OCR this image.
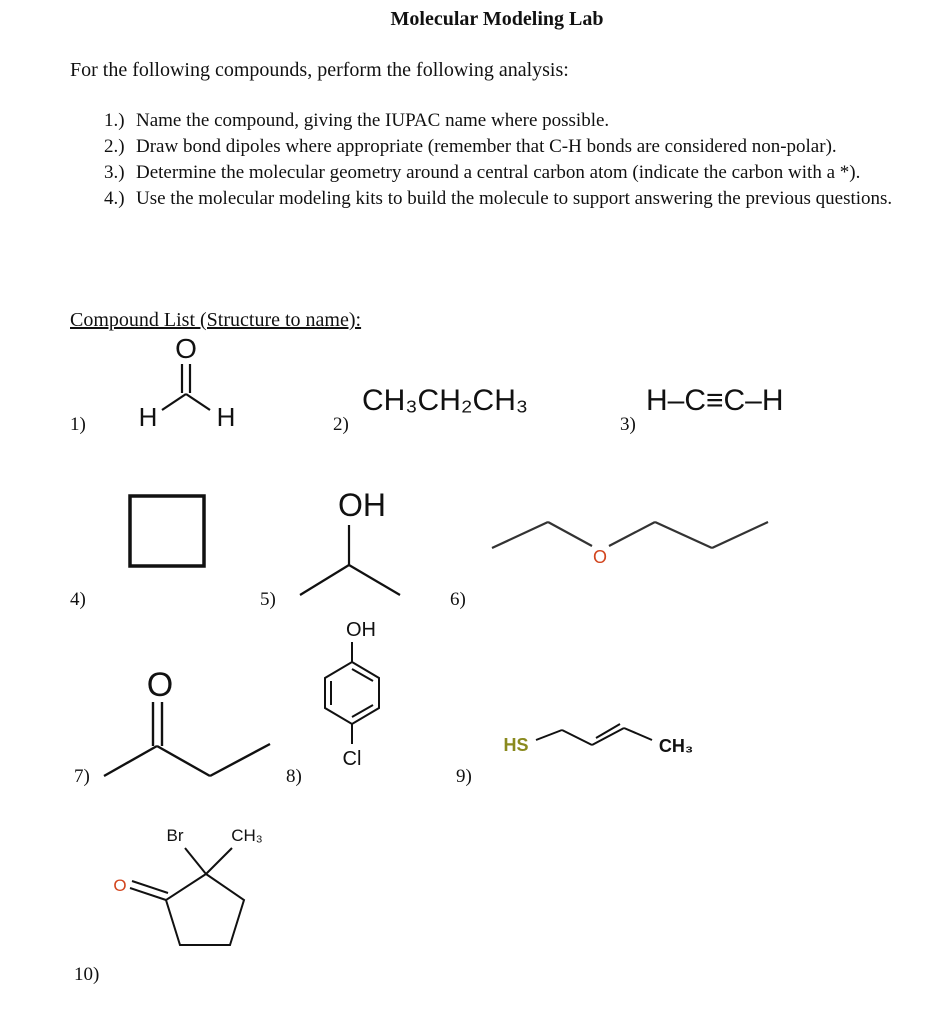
Molecular Modeling Lab
For the following compounds, perform the following analysis:
1.) Name the compound, giving the IUPAC name where possible.
2.) Draw bond dipoles where appropriate (remember that C-H bonds are considered non-polar).
3.) Determine the molecular geometry around a central carbon atom (indicate the carbon with a *).
4.) Use the molecular modeling kits to build the molecule to support answering the previous questions.
Compound List (Structure to name):
1)	2)	3)
4)	5)	6)
7)	8)	9)
10)
CH₃CH₂CH₃	H–C≡C–H
O
H H
OH
O
O
OH
Cl
HS	CH₃
Br	CH₃
O
